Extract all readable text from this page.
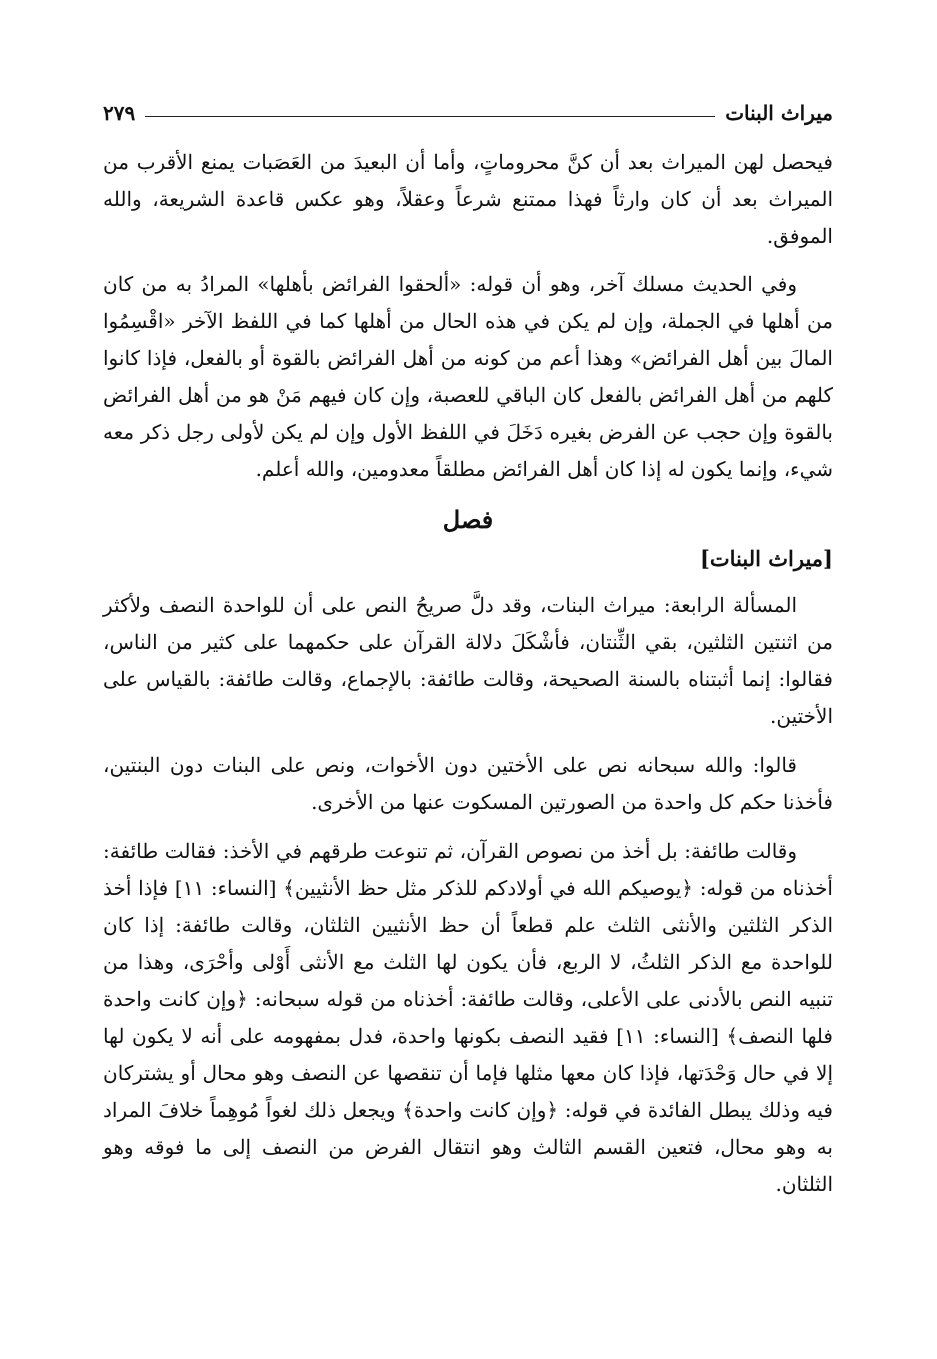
ميراث البنات
٢٧٩

فيحصل لهن الميراث بعد أن كنَّ محروماتٍ، وأما أن البعيدَ من العَصَبات يمنع الأقرب من الميراث بعد أن كان وارثاً فهذا ممتنع شرعاً وعقلاً، وهو عكس قاعدة الشريعة، والله الموفق.

وفي الحديث مسلك آخر، وهو أن قوله: «ألحقوا الفرائض بأهلها» المرادُ به من كان من أهلها في الجملة، وإن لم يكن في هذه الحال من أهلها كما في اللفظ الآخر «اقْسِمُوا المالَ بين أهل الفرائض» وهذا أعم من كونه من أهل الفرائض بالقوة أو بالفعل، فإذا كانوا كلهم من أهل الفرائض بالفعل كان الباقي للعصبة، وإن كان فيهم مَنْ هو من أهل الفرائض بالقوة وإن حجب عن الفرض بغيره دَخَلَ في اللفظ الأول وإن لم يكن لأولى رجل ذكر معه شيء، وإنما يكون له إذا كان أهل الفرائض مطلقاً معدومين، والله أعلم.

فصل
[ميراث البنات]

المسألة الرابعة: ميراث البنات، وقد دلَّ صريحُ النص على أن للواحدة النصف ولأكثر من اثنتين الثلثين، بقي الثِّنتان، فأشْكَلَ دلالة القرآن على حكمهما على كثير من الناس، فقالوا: إنما أثبتناه بالسنة الصحيحة، وقالت طائفة: بالإجماع، وقالت طائفة: بالقياس على الأختين.

قالوا: والله سبحانه نص على الأختين دون الأخوات، ونص على البنات دون البنتين، فأخذنا حكم كل واحدة من الصورتين المسكوت عنها من الأخرى.

وقالت طائفة: بل أخذ من نصوص القرآن، ثم تنوعت طرقهم في الأخذ: فقالت طائفة: أخذناه من قوله: ﴿يوصيكم الله في أولادكم للذكر مثل حظ الأنثيين﴾ [النساء: ١١] فإذا أخذ الذكر الثلثين والأنثى الثلث علم قطعاً أن حظ الأنثيين الثلثان، وقالت طائفة: إذا كان للواحدة مع الذكر الثلثُ، لا الربع، فأن يكون لها الثلث مع الأنثى أَوْلى وأحْرَى، وهذا من تنبيه النص بالأدنى على الأعلى، وقالت طائفة: أخذناه من قوله سبحانه: ﴿وإن كانت واحدة فلها النصف﴾ [النساء: ١١] فقيد النصف بكونها واحدة، فدل بمفهومه على أنه لا يكون لها إلا في حال وَحْدَتها، فإذا كان معها مثلها فإما أن تنقصها عن النصف وهو محال أو يشتركان فيه وذلك يبطل الفائدة في قوله: ﴿وإن كانت واحدة﴾ ويجعل ذلك لغواً مُوهِماً خلافَ المراد به وهو محال، فتعين القسم الثالث وهو انتقال الفرض من النصف إلى ما فوقه وهو الثلثان.
